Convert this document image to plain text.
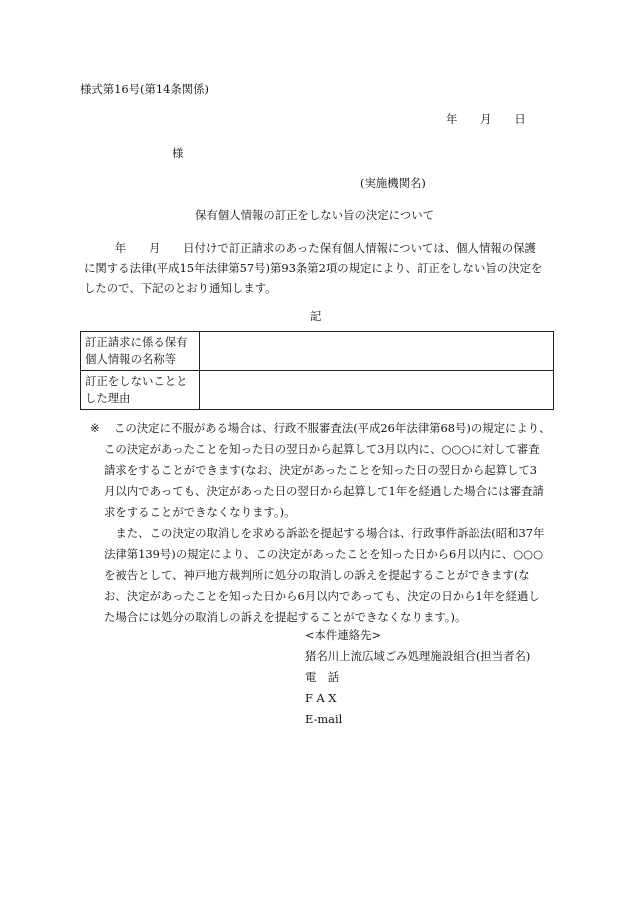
様式第16号(第14条関係)
年　　月　　日
様
(実施機関名)
保有個人情報の訂正をしない旨の決定について
　　年　　月　　日付けで訂正請求のあった保有個人情報については、個人情報の保護
に関する法律(平成15年法律第57号)第93条第2項の規定により、訂正をしない旨の決定を
したので、下記のとおり通知します。
記
訂正請求に係る保有
個人情報の名称等	

訂正をしないことと
した理由	

※ この決定に不服がある場合は、行政不服審査法(平成26年法律第68号)の規定により、
この決定があったことを知った日の翌日から起算して3月以内に、○○○に対して審査
請求をすることができます(なお、決定があったことを知った日の翌日から起算して3
月以内であっても、決定があった日の翌日から起算して1年を経過した場合には審査請
求をすることができなくなります。)。
　また、この決定の取消しを求める訴訟を提起する場合は、行政事件訴訟法(昭和37年
法律第139号)の規定により、この決定があったことを知った日から6月以内に、○○○
を被告として、神戸地方裁判所に処分の取消しの訴えを提起することができます(な
お、決定があったことを知った日から6月以内であっても、決定の日から1年を経過し
た場合には処分の取消しの訴えを提起することができなくなります。)。
<本件連絡先>
猪名川上流広域ごみ処理施設組合(担当者名)
電　話
F A X
E-mail
